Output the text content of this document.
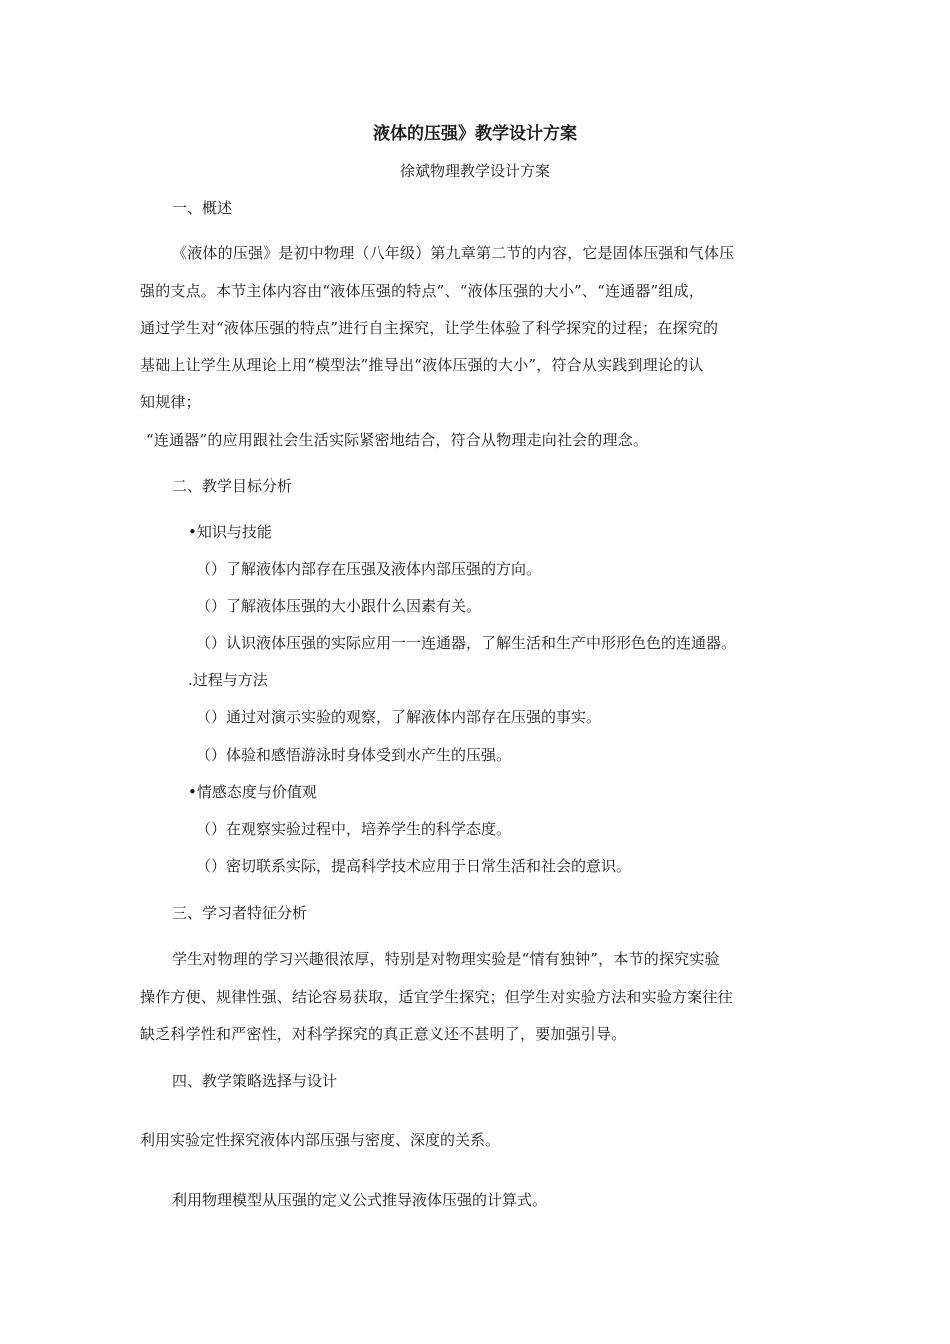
液体的压强》教学设计方案
徐斌物理教学设计方案
一、概述
《液体的压强》是初中物理（八年级）第九章第二节的内容，它是固体压强和气体压
强的支点。本节主体内容由“液体压强的特点”、“液体压强的大小”、“连通器”组成，
通过学生对“液体压强的特点”进行自主探究，让学生体验了科学探究的过程；在探究的
基础上让学生从理论上用“模型法”推导出“液体压强的大小”，符合从实践到理论的认
知规律；
“连通器”的应用跟社会生活实际紧密地结合，符合从物理走向社会的理念。
二、教学目标分析
•知识与技能
（）了解液体内部存在压强及液体内部压强的方向。
（）了解液体压强的大小跟什么因素有关。
（）认识液体压强的实际应用一一连通器，了解生活和生产中形形色色的连通器。
.过程与方法
（）通过对演示实验的观察，了解液体内部存在压强的事实。
（）体验和感悟游泳时身体受到水产生的压强。
•情感态度与价值观
（）在观察实验过程中，培养学生的科学态度。
（）密切联系实际，提高科学技术应用于日常生活和社会的意识。
三、学习者特征分析
学生对物理的学习兴趣很浓厚，特别是对物理实验是“情有独钟”，本节的探究实验
操作方便、规律性强、结论容易获取，适宜学生探究；但学生对实验方法和实验方案往往
缺乏科学性和严密性，对科学探究的真正意义还不甚明了，要加强引导。
四、教学策略选择与设计
利用实验定性探究液体内部压强与密度、深度的关系。
利用物理模型从压强的定义公式推导液体压强的计算式。
